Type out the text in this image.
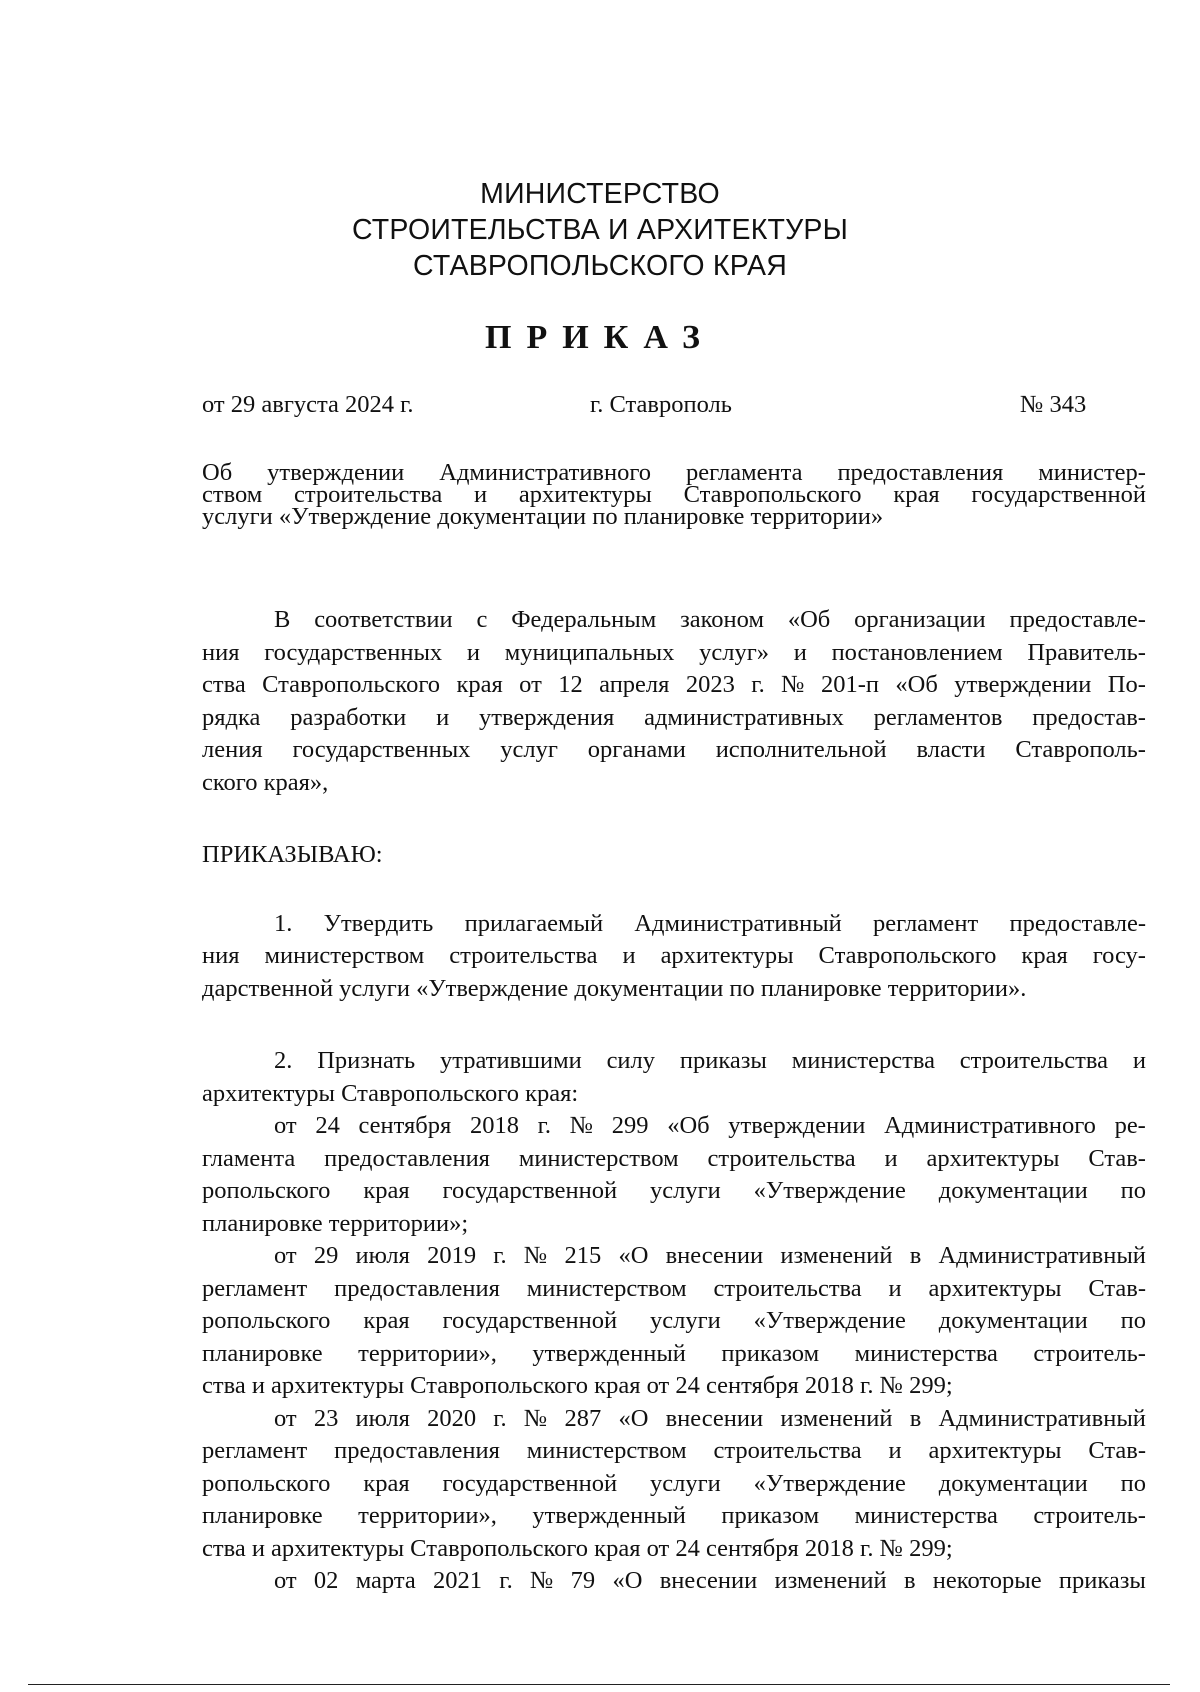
МИНИСТЕРСТВО
СТРОИТЕЛЬСТВА И АРХИТЕКТУРЫ
СТАВРОПОЛЬСКОГО КРАЯ
ПРИКАЗ
от 29 августа 2024 г.	г. Ставрополь	№ 343
Об утверждении Административного регламента предоставления министер-
ством строительства и архитектуры Ставропольского края государственной
услуги «Утверждение документации по планировке территории»
В соответствии с Федеральным законом «Об организации предоставле-
ния государственных и муниципальных услуг» и постановлением Правитель-
ства Ставропольского края от 12 апреля 2023 г. № 201-п «Об утверждении По-
рядка разработки и утверждения административных регламентов предостав-
ления государственных услуг органами исполнительной власти Ставрополь-
ского края»,
ПРИКАЗЫВАЮ:
1. Утвердить прилагаемый Административный регламент предоставле-
ния министерством строительства и архитектуры Ставропольского края госу-
дарственной услуги «Утверждение документации по планировке территории».
2. Признать утратившими силу приказы министерства строительства и
архитектуры Ставропольского края:
от 24 сентября 2018 г. № 299 «Об утверждении Административного ре-
гламента предоставления министерством строительства и архитектуры Став-
ропольского края государственной услуги «Утверждение документации по
планировке территории»;
от 29 июля 2019 г. № 215 «О внесении изменений в Административный
регламент предоставления министерством строительства и архитектуры Став-
ропольского края государственной услуги «Утверждение документации по
планировке территории», утвержденный приказом министерства строитель-
ства и архитектуры Ставропольского края от 24 сентября 2018 г. № 299;
от 23 июля 2020 г. № 287 «О внесении изменений в Административный
регламент предоставления министерством строительства и архитектуры Став-
ропольского края государственной услуги «Утверждение документации по
планировке территории», утвержденный приказом министерства строитель-
ства и архитектуры Ставропольского края от 24 сентября 2018 г. № 299;
от 02 марта 2021 г. № 79 «О внесении изменений в некоторые приказы
